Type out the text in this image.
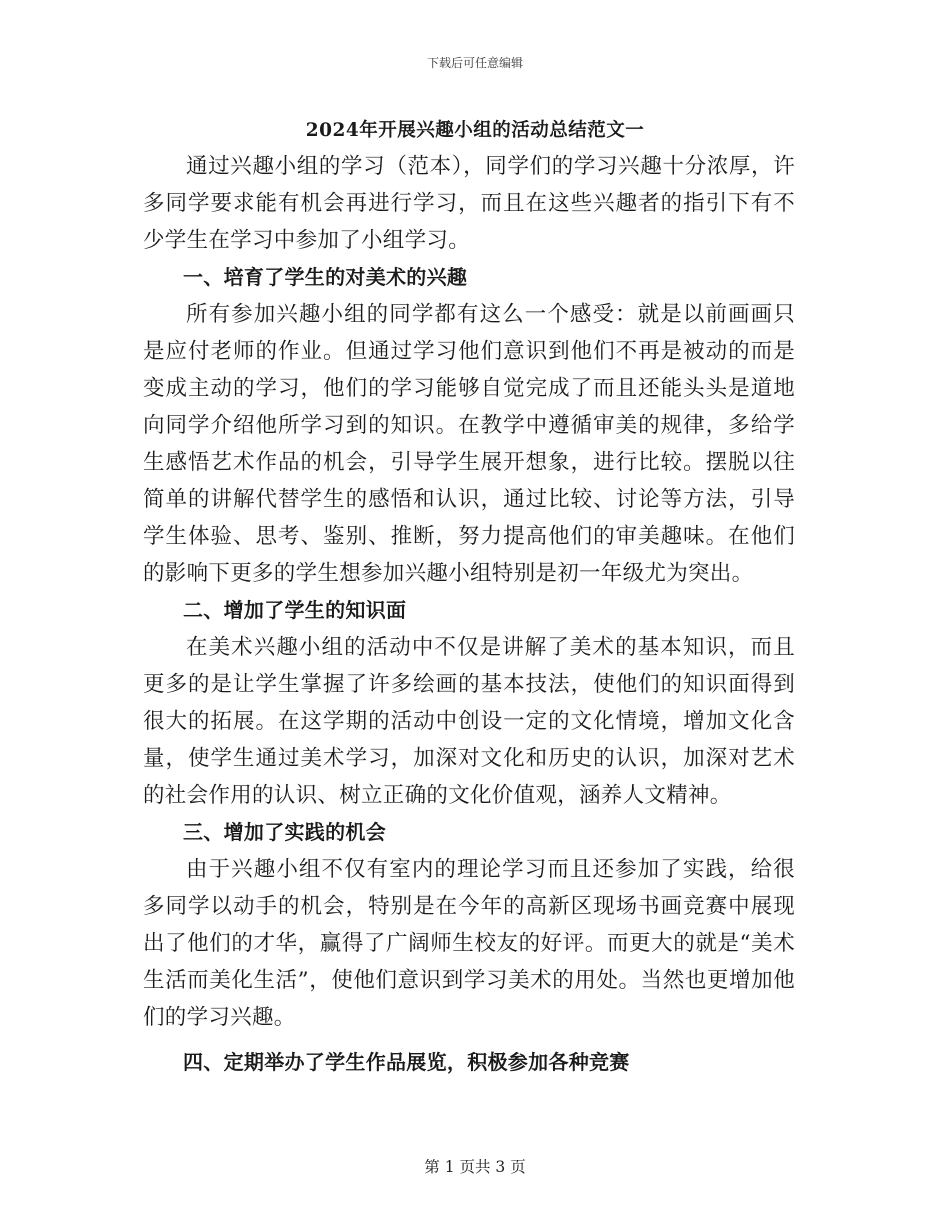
下载后可任意编辑
2024年开展兴趣小组的活动总结范文一

通过兴趣小组的学习（范本），同学们的学习兴趣十分浓厚，许多同学要求能有机会再进行学习，而且在这些兴趣者的指引下有不少学生在学习中参加了小组学习。

一、培育了学生的对美术的兴趣

所有参加兴趣小组的同学都有这么一个感受：就是以前画画只是应付老师的作业。但通过学习他们意识到他们不再是被动的而是变成主动的学习，他们的学习能够自觉完成了而且还能头头是道地向同学介绍他所学习到的知识。在教学中遵循审美的规律，多给学生感悟艺术作品的机会，引导学生展开想象，进行比较。摆脱以往简单的讲解代替学生的感悟和认识，通过比较、讨论等方法，引导学生体验、思考、鉴别、推断，努力提高他们的审美趣味。在他们的影响下更多的学生想参加兴趣小组特别是初一年级尤为突出。

二、增加了学生的知识面

在美术兴趣小组的活动中不仅是讲解了美术的基本知识，而且更多的是让学生掌握了许多绘画的基本技法，使他们的知识面得到很大的拓展。在这学期的活动中创设一定的文化情境，增加文化含量，使学生通过美术学习，加深对文化和历史的认识，加深对艺术的社会作用的认识、树立正确的文化价值观，涵养人文精神。

三、增加了实践的机会

由于兴趣小组不仅有室内的理论学习而且还参加了实践，给很多同学以动手的机会，特别是在今年的高新区现场书画竞赛中展现出了他们的才华，赢得了广阔师生校友的好评。而更大的就是“美术生活而美化生活”，使他们意识到学习美术的用处。当然也更增加他们的学习兴趣。

四、定期举办了学生作品展览，积极参加各种竞赛

第 1 页共 3 页
